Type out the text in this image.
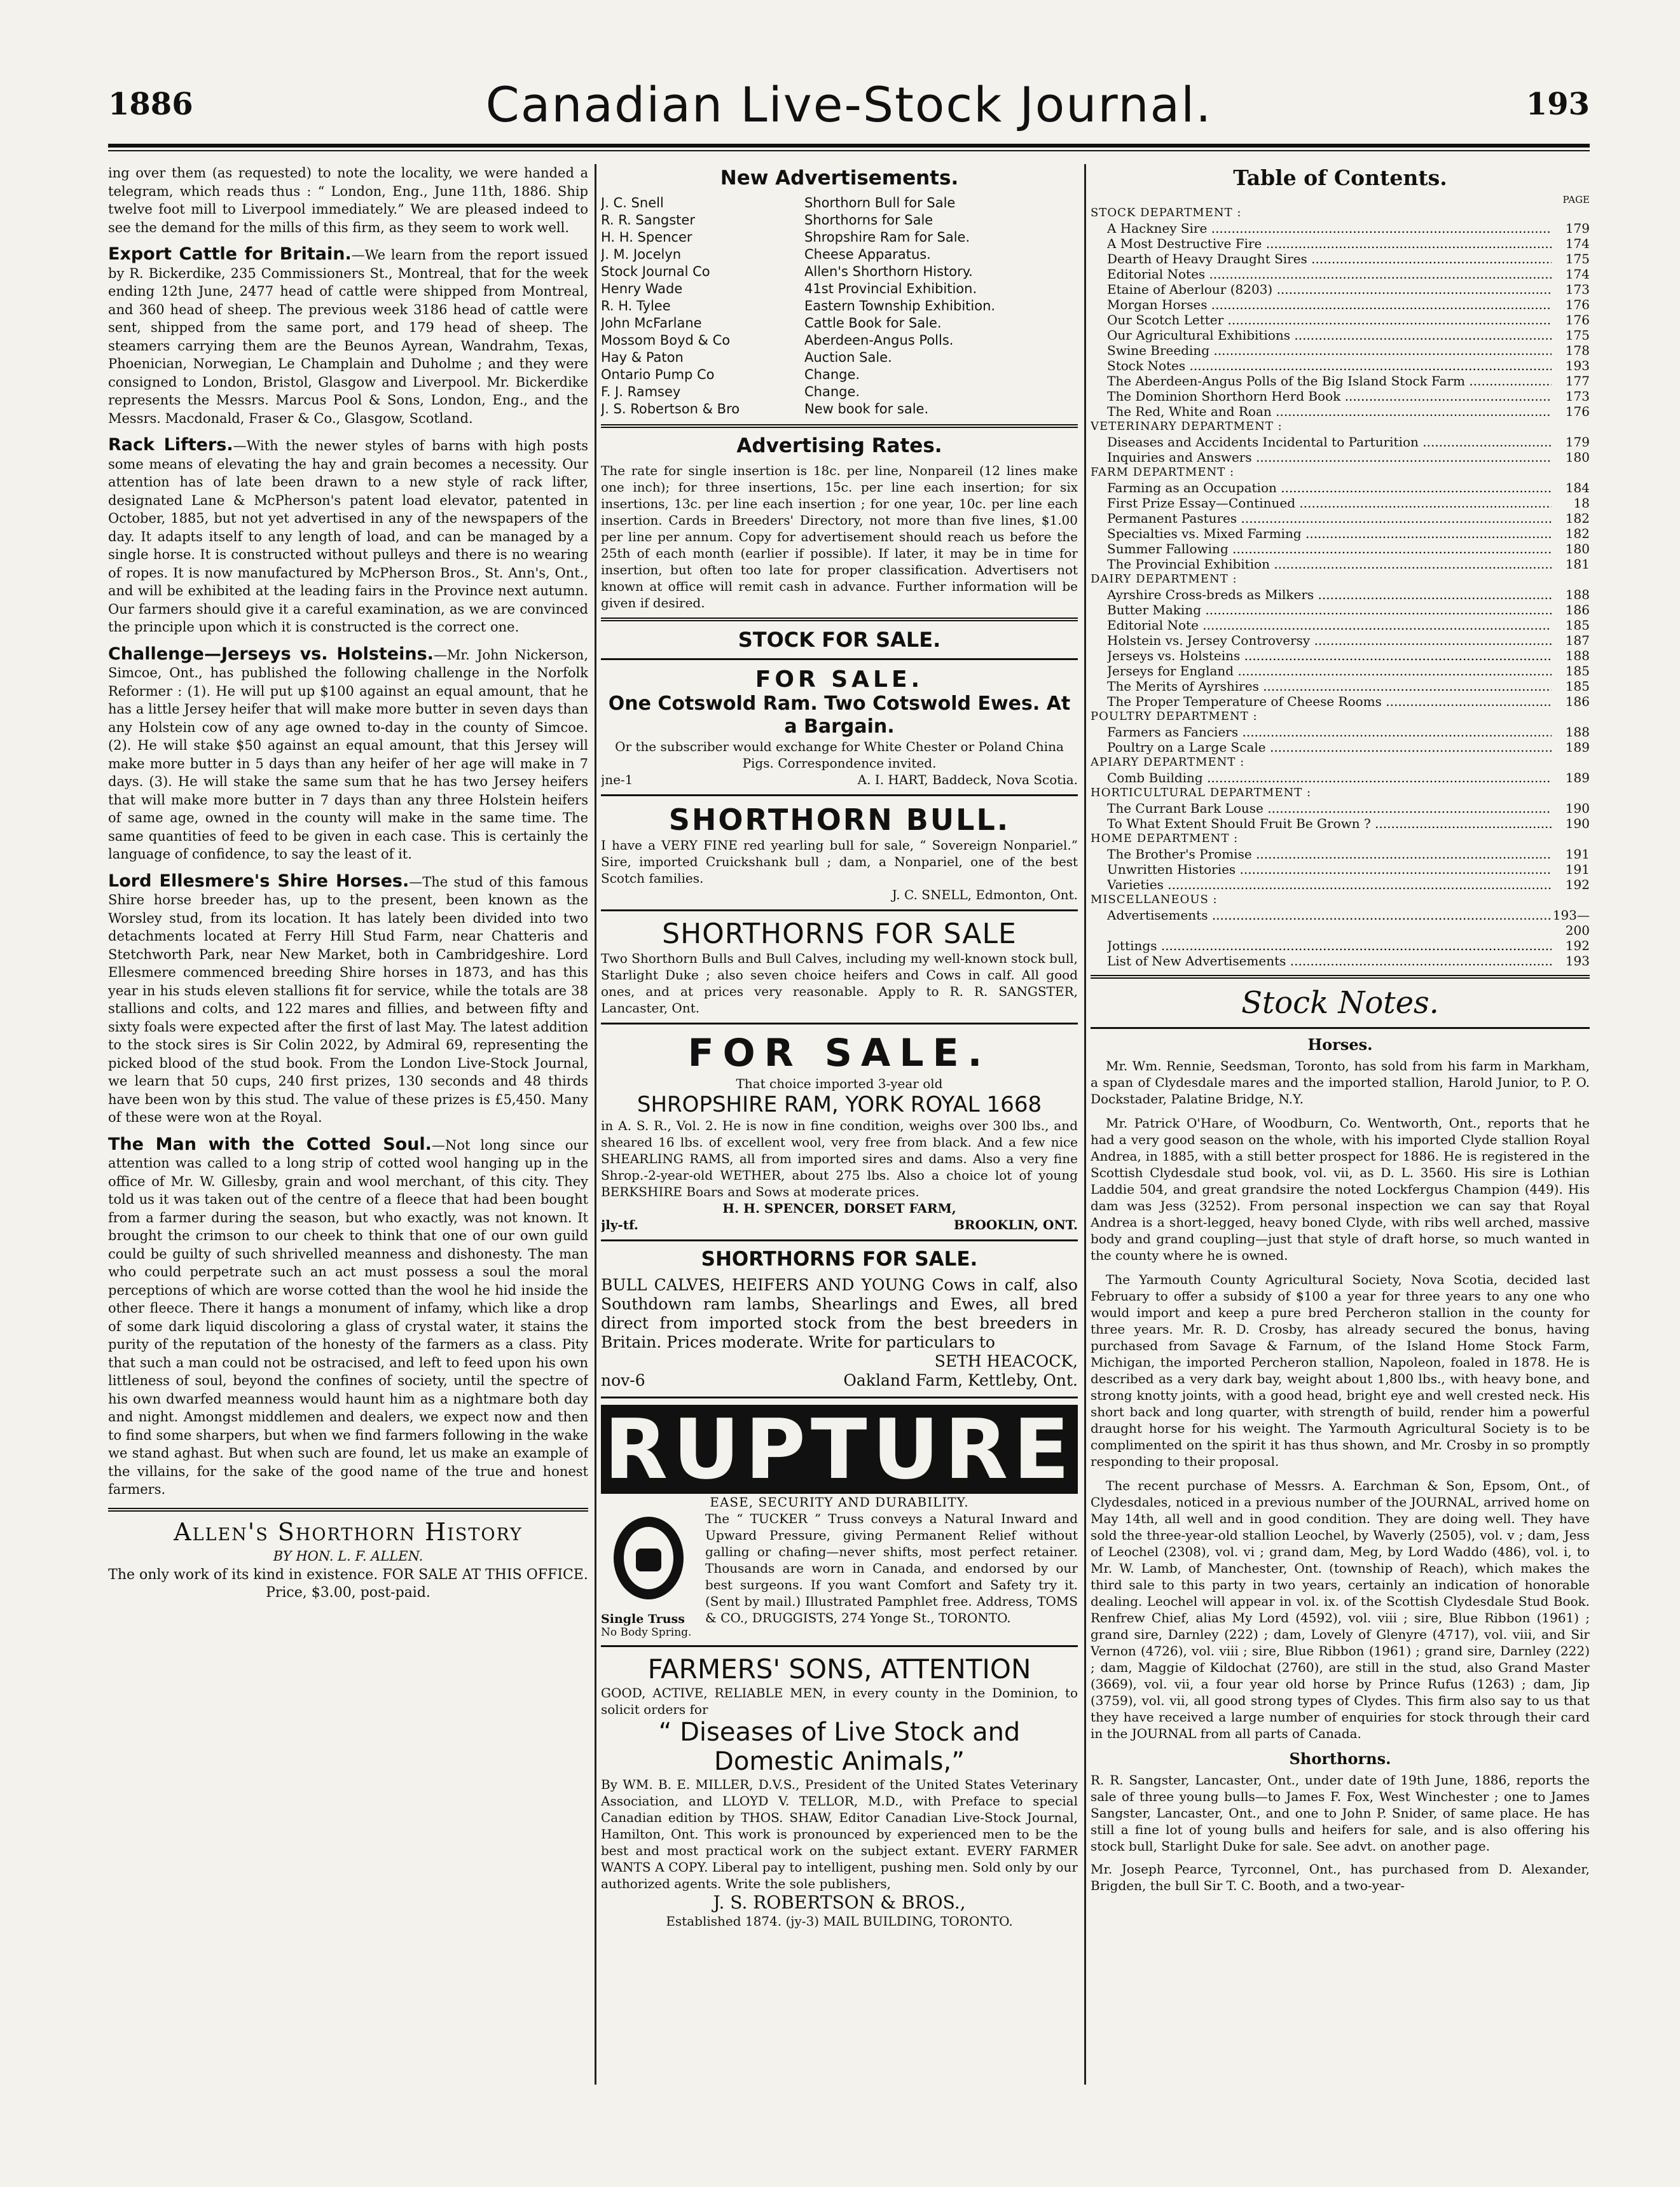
1886	Canadian Live-Stock Journal.	193

ing over them (as requested) to note the locality, we were handed a telegram, which reads thus : “ London, Eng., June 11th, 1886. Ship twelve foot mill to Liverpool immediately.” We are pleased indeed to see the demand for the mills of this firm, as they seem to work well.

Export Cattle for Britain.—We learn from the report issued by R. Bickerdike, 235 Commissioners St., Montreal, that for the week ending 12th June, 2477 head of cattle were shipped from Montreal, and 360 head of sheep. The previous week 3186 head of cattle were sent, shipped from the same port, and 179 head of sheep. The steamers carrying them are the Beunos Ayrean, Wandrahm, Texas, Phoenician, Norwegian, Le Champlain and Duholme ; and they were consigned to London, Bristol, Glasgow and Liverpool. Mr. Bickerdike represents the Messrs. Marcus Pool & Sons, London, Eng., and the Messrs. Macdonald, Fraser & Co., Glasgow, Scotland.

Rack Lifters.—With the newer styles of barns with high posts some means of elevating the hay and grain becomes a necessity. Our attention has of late been drawn to a new style of rack lifter, designated Lane & McPherson's patent load elevator, patented in October, 1885, but not yet advertised in any of the newspapers of the day. It adapts itself to any length of load, and can be managed by a single horse. It is constructed without pulleys and there is no wearing of ropes. It is now manufactured by McPherson Bros., St. Ann's, Ont., and will be exhibited at the leading fairs in the Province next autumn. Our farmers should give it a careful examination, as we are convinced the principle upon which it is constructed is the correct one.

Challenge—Jerseys vs. Holsteins.—Mr. John Nickerson, Simcoe, Ont., has published the following challenge in the Norfolk Reformer : (1). He will put up $100 against an equal amount, that he has a little Jersey heifer that will make more butter in seven days than any Holstein cow of any age owned to-day in the county of Simcoe. (2). He will stake $50 against an equal amount, that this Jersey will make more butter in 5 days than any heifer of her age will make in 7 days. (3). He will stake the same sum that he has two Jersey heifers that will make more butter in 7 days than any three Holstein heifers of same age, owned in the county will make in the same time. The same quantities of feed to be given in each case. This is certainly the language of confidence, to say the least of it.

Lord Ellesmere's Shire Horses.—The stud of this famous Shire horse breeder has, up to the present, been known as the Worsley stud, from its location. It has lately been divided into two detachments located at Ferry Hill Stud Farm, near Chatteris and Stetchworth Park, near New Market, both in Cambridgeshire. Lord Ellesmere commenced breeding Shire horses in 1873, and has this year in his studs eleven stallions fit for service, while the totals are 38 stallions and colts, and 122 mares and fillies, and between fifty and sixty foals were expected after the first of last May. The latest addition to the stock sires is Sir Colin 2022, by Admiral 69, representing the picked blood of the stud book. From the London Live-Stock Journal, we learn that 50 cups, 240 first prizes, 130 seconds and 48 thirds have been won by this stud. The value of these prizes is £5,450. Many of these were won at the Royal.

The Man with the Cotted Soul.—Not long since our attention was called to a long strip of cotted wool hanging up in the office of Mr. W. Gillesby, grain and wool merchant, of this city. They told us it was taken out of the centre of a fleece that had been bought from a farmer during the season, but who exactly, was not known. It brought the crimson to our cheek to think that one of our own guild could be guilty of such shrivelled meanness and dishonesty. The man who could perpetrate such an act must possess a soul the moral perceptions of which are worse cotted than the wool he hid inside the other fleece. There it hangs a monument of infamy, which like a drop of some dark liquid discoloring a glass of crystal water, it stains the purity of the reputation of the honesty of the farmers as a class. Pity that such a man could not be ostracised, and left to feed upon his own littleness of soul, beyond the confines of society, until the spectre of his own dwarfed meanness would haunt him as a nightmare both day and night. Amongst middlemen and dealers, we expect now and then to find some sharpers, but when we find farmers following in the wake we stand aghast. But when such are found, let us make an example of the villains, for the sake of the good name of the true and honest farmers.

Allen's Shorthorn History
BY HON. L. F. ALLEN.

The only work of its kind in existence. FOR SALE AT THIS OFFICE. Price, $3.00, post-paid.

New Advertisements.
J. C. Snell	Shorthorn Bull for Sale
R. R. Sangster	Shorthorns for Sale
H. H. Spencer	Shropshire Ram for Sale.
J. M. Jocelyn	Cheese Apparatus.
Stock Journal Co	Allen's Shorthorn History.
Henry Wade	41st Provincial Exhibition.
R. H. Tylee	Eastern Township Exhibition.
John McFarlane	Cattle Book for Sale.
Mossom Boyd & Co	Aberdeen-Angus Polls.
Hay & Paton	Auction Sale.
Ontario Pump Co	Change.
F. J. Ramsey	Change.
J. S. Robertson & Bro	New book for sale.
Advertising Rates.
The rate for single insertion is 18c. per line, Nonpareil (12 lines make one inch); for three insertions, 15c. per line each insertion; for six insertions, 13c. per line each insertion ; for one year, 10c. per line each insertion. Cards in Breeders' Directory, not more than five lines, $1.00 per line per annum. Copy for advertisement should reach us before the 25th of each month (earlier if possible). If later, it may be in time for insertion, but often too late for proper classification. Advertisers not known at office will remit cash in advance. Further information will be given if desired.
STOCK FOR SALE.
FOR SALE.
One Cotswold Ram. Two Cotswold Ewes. At a Bargain.
Or the subscriber would exchange for White Chester or Poland China Pigs. Correspondence invited.
jne-1	A. I. HART, Baddeck, Nova Scotia.
SHORTHORN BULL.
I have a VERY FINE red yearling bull for sale, “ Sovereign Nonpariel.” Sire, imported Cruickshank bull ; dam, a Nonpariel, one of the best Scotch families.
J. C. SNELL, Edmonton, Ont.
SHORTHORNS FOR SALE
Two Shorthorn Bulls and Bull Calves, including my well-known stock bull, Starlight Duke ; also seven choice heifers and Cows in calf. All good ones, and at prices very reasonable. Apply to R. R. SANGSTER, Lancaster, Ont.
FOR SALE.
That choice imported 3-year old
SHROPSHIRE RAM, YORK ROYAL 1668
in A. S. R., Vol. 2. He is now in fine condition, weighs over 300 lbs., and sheared 16 lbs. of excellent wool, very free from black. And a few nice SHEARLING RAMS, all from imported sires and dams. Also a very fine Shrop.-2-year-old WETHER, about 275 lbs. Also a choice lot of young BERKSHIRE Boars and Sows at moderate prices.
H. H. SPENCER, DORSET FARM,
jly-tf.	BROOKLIN, ONT.
SHORTHORNS FOR SALE.
BULL CALVES, HEIFERS AND YOUNG Cows in calf, also Southdown ram lambs, Shearlings and Ewes, all bred direct from imported stock from the best breeders in Britain. Prices moderate. Write for particulars to
SETH HEACOCK,
nov-6	Oakland Farm, Kettleby, Ont.
RUPTURE
EASE, SECURITY AND DURABILITY.
Single Truss
No Body Spring.
The “ TUCKER ” Truss conveys a Natural Inward and Upward Pressure, giving Permanent Relief without galling or chafing—never shifts, most perfect retainer. Thousands are worn in Canada, and endorsed by our best surgeons. If you want Comfort and Safety try it. (Sent by mail.) Illustrated Pamphlet free. Address, TOMS & CO., DRUGGISTS, 274 Yonge St., TORONTO.
FARMERS' SONS, ATTENTION
GOOD, ACTIVE, RELIABLE MEN, in every county in the Dominion, to solicit orders for
“ Diseases of Live Stock and Domestic Animals,”
By WM. B. E. MILLER, D.V.S., President of the United States Veterinary Association, and LLOYD V. TELLOR, M.D., with Preface to special Canadian edition by THOS. SHAW, Editor Canadian Live-Stock Journal, Hamilton, Ont. This work is pronounced by experienced men to be the best and most practical work on the subject extant. EVERY FARMER WANTS A COPY. Liberal pay to intelligent, pushing men. Sold only by our authorized agents. Write the sole publishers,
J. S. ROBERTSON & BROS.,
Established 1874. (jy-3) MAIL BUILDING, TORONTO.
Table of Contents.
PAGE
STOCK DEPARTMENT :
A Hackney Sire .....	179
A Most Destructive Fire .....	174
Dearth of Heavy Draught Sires .....	175
Editorial Notes .....	174
Etaine of Aberlour (8203) .....	173
Morgan Horses .....	176
Our Scotch Letter .....	176
Our Agricultural Exhibitions .....	175
Swine Breeding .....	178
Stock Notes .....	193
The Aberdeen-Angus Polls of the Big Island Stock Farm .....	177
The Dominion Shorthorn Herd Book .....	173
The Red, White and Roan .....	176
VETERINARY DEPARTMENT :
Diseases and Accidents Incidental to Parturition .....	179
Inquiries and Answers .....	180
FARM DEPARTMENT :
Farming as an Occupation .....	184
First Prize Essay—Continued .....	18
Permanent Pastures .....	182
Specialties vs. Mixed Farming .....	182
Summer Fallowing .....	180
The Provincial Exhibition .....	181
DAIRY DEPARTMENT :
Ayrshire Cross-breds as Milkers .....	188
Butter Making .....	186
Editorial Note .....	185
Holstein vs. Jersey Controversy .....	187
Jerseys vs. Holsteins .....	188
Jerseys for England .....	185
The Merits of Ayrshires .....	185
The Proper Temperature of Cheese Rooms .....	186
POULTRY DEPARTMENT :
Farmers as Fanciers .....	188
Poultry on a Large Scale .....	189
APIARY DEPARTMENT :
Comb Building .....	189
HORTICULTURAL DEPARTMENT :
The Currant Bark Louse .....	190
To What Extent Should Fruit Be Grown ? .....	190
HOME DEPARTMENT :
The Brother's Promise .....	191
Unwritten Histories .....	191
Varieties .....	192
MISCELLANEOUS :
Advertisements .....	193—200
Jottings .....	192
List of New Advertisements .....	193
Stock Notes.
Horses.
Mr. Wm. Rennie, Seedsman, Toronto, has sold from his farm in Markham, a span of Clydesdale mares and the imported stallion, Harold Junior, to P. O. Dockstader, Palatine Bridge, N.Y.
Mr. Patrick O'Hare, of Woodburn, Co. Wentworth, Ont., reports that he had a very good season on the whole, with his imported Clyde stallion Royal Andrea, in 1885, with a still better prospect for 1886. He is registered in the Scottish Clydesdale stud book, vol. vii, as D. L. 3560. His sire is Lothian Laddie 504, and great grandsire the noted Lockfergus Champion (449). His dam was Jess (3252). From personal inspection we can say that Royal Andrea is a short-legged, heavy boned Clyde, with ribs well arched, massive body and grand coupling—just that style of draft horse, so much wanted in the county where he is owned.
The Yarmouth County Agricultural Society, Nova Scotia, decided last February to offer a subsidy of $100 a year for three years to any one who would import and keep a pure bred Percheron stallion in the county for three years. Mr. R. D. Crosby, has already secured the bonus, having purchased from Savage & Farnum, of the Island Home Stock Farm, Michigan, the imported Percheron stallion, Napoleon, foaled in 1878. He is described as a very dark bay, weight about 1,800 lbs., with heavy bone, and strong knotty joints, with a good head, bright eye and well crested neck. His short back and long quarter, with strength of build, render him a powerful draught horse for his weight. The Yarmouth Agricultural Society is to be complimented on the spirit it has thus shown, and Mr. Crosby in so promptly responding to their proposal.
The recent purchase of Messrs. A. Earchman & Son, Epsom, Ont., of Clydesdales, noticed in a previous number of the JOURNAL, arrived home on May 14th, all well and in good condition. They are doing well. They have sold the three-year-old stallion Leochel, by Waverly (2505), vol. v ; dam, Jess of Leochel (2308), vol. vi ; grand dam, Meg, by Lord Waddo (486), vol. i, to Mr. W. Lamb, of Manchester, Ont. (township of Reach), which makes the third sale to this party in two years, certainly an indication of honorable dealing. Leochel will appear in vol. ix. of the Scottish Clydesdale Stud Book. Renfrew Chief, alias My Lord (4592), vol. viii ; sire, Blue Ribbon (1961) ; grand sire, Darnley (222) ; dam, Lovely of Glenyre (4717), vol. viii, and Sir Vernon (4726), vol. viii ; sire, Blue Ribbon (1961) ; grand sire, Darnley (222) ; dam, Maggie of Kildochat (2760), are still in the stud, also Grand Master (3669), vol. vii, a four year old horse by Prince Rufus (1263) ; dam, Jip (3759), vol. vii, all good strong types of Clydes. This firm also say to us that they have received a large number of enquiries for stock through their card in the JOURNAL from all parts of Canada.
Shorthorns.
R. R. Sangster, Lancaster, Ont., under date of 19th June, 1886, reports the sale of three young bulls—to James F. Fox, West Winchester ; one to James Sangster, Lancaster, Ont., and one to John P. Snider, of same place. He has still a fine lot of young bulls and heifers for sale, and is also offering his stock bull, Starlight Duke for sale. See advt. on another page.
Mr. Joseph Pearce, Tyrconnel, Ont., has purchased from D. Alexander, Brigden, the bull Sir T. C. Booth, and a two-year-
